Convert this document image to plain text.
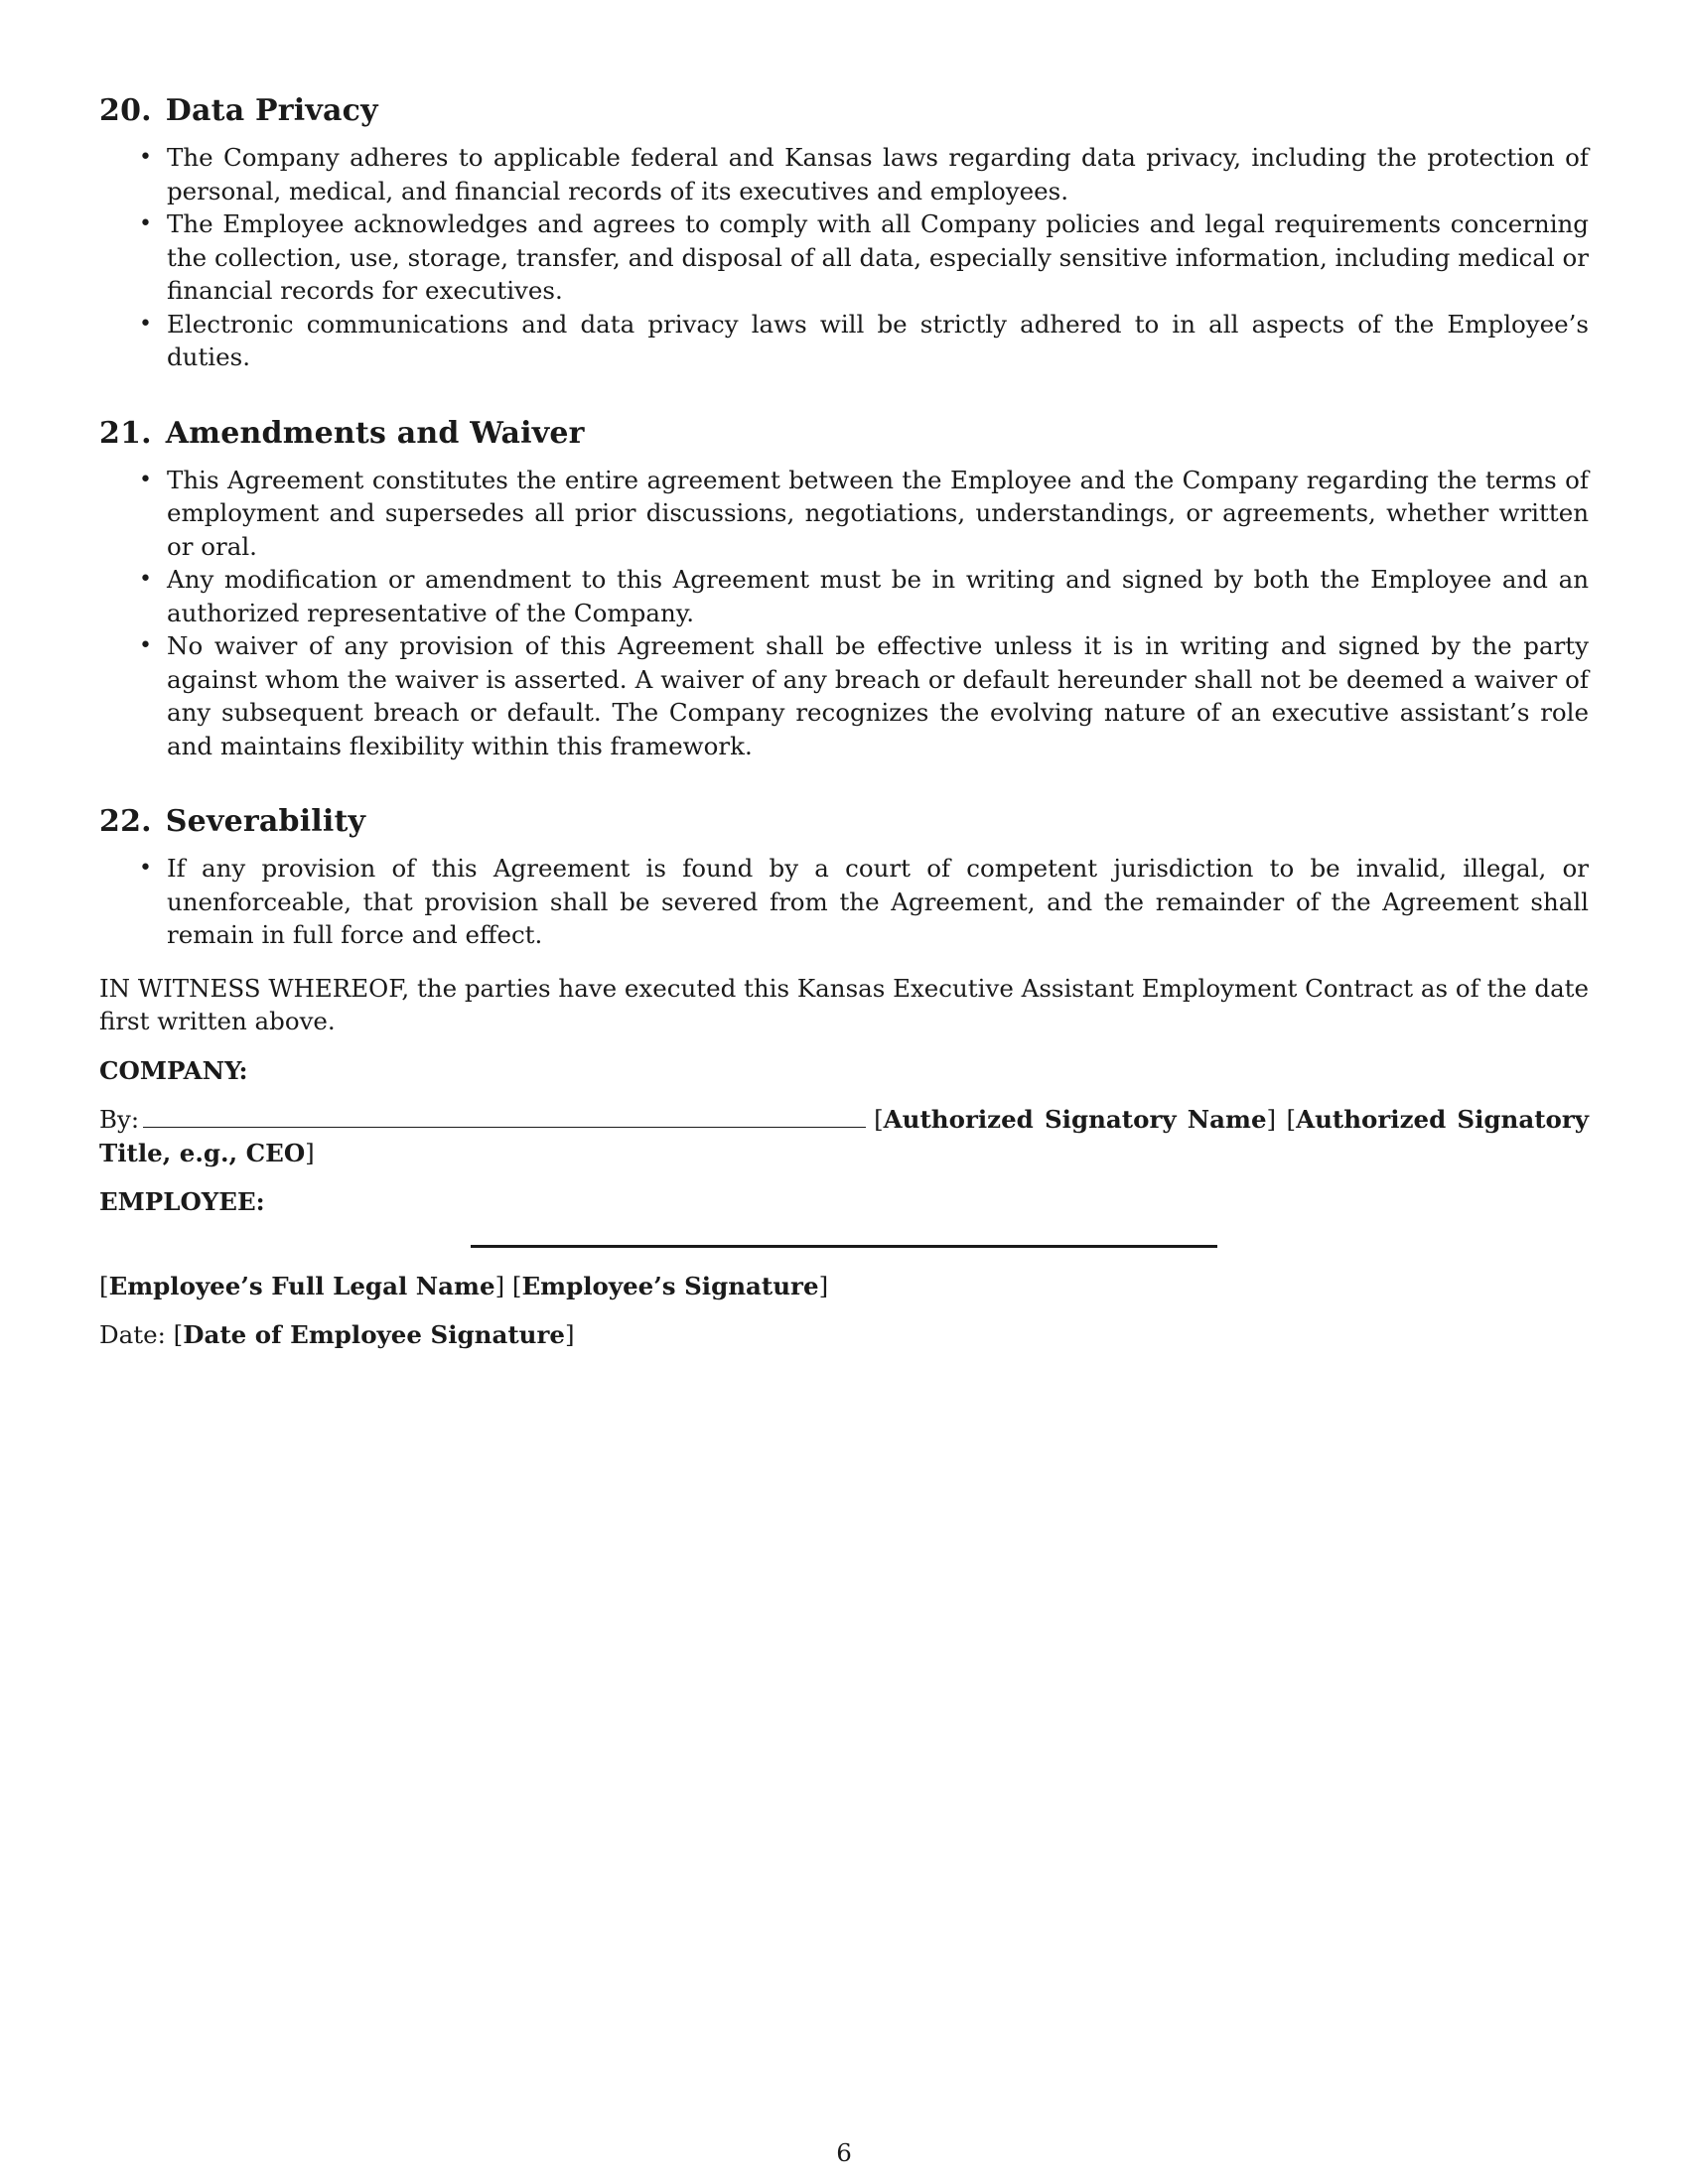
20. Data Privacy
• The Company adheres to applicable federal and Kansas laws regarding data privacy, including the protection of personal, medical, and financial records of its executives and employees.
• The Employee acknowledges and agrees to comply with all Company policies and legal requirements concerning the collection, use, storage, transfer, and disposal of all data, especially sensitive information, including medical or financial records for executives.
• Electronic communications and data privacy laws will be strictly adhered to in all aspects of the Employee’s duties.
21. Amendments and Waiver
• This Agreement constitutes the entire agreement between the Employee and the Company regarding the terms of employment and supersedes all prior discussions, negotiations, understandings, or agreements, whether written or oral.
• Any modification or amendment to this Agreement must be in writing and signed by both the Employee and an authorized representative of the Company.
• No waiver of any provision of this Agreement shall be effective unless it is in writing and signed by the party against whom the waiver is asserted. A waiver of any breach or default hereunder shall not be deemed a waiver of any subsequent breach or default. The Company recognizes the evolving nature of an executive assistant’s role and maintains flexibility within this framework.
22. Severability
• If any provision of this Agreement is found by a court of competent jurisdiction to be invalid, illegal, or unenforceable, that provision shall be severed from the Agreement, and the remainder of the Agreement shall remain in full force and effect.

IN WITNESS WHEREOF, the parties have executed this Kansas Executive Assistant Employment Contract as of the date first written above.

COMPANY:
By:	[Authorized Signatory Name] [Authorized Signatory Title, e.g., CEO]
EMPLOYEE:
[Employee’s Full Legal Name] [Employee’s Signature]
Date: [Date of Employee Signature]
6
